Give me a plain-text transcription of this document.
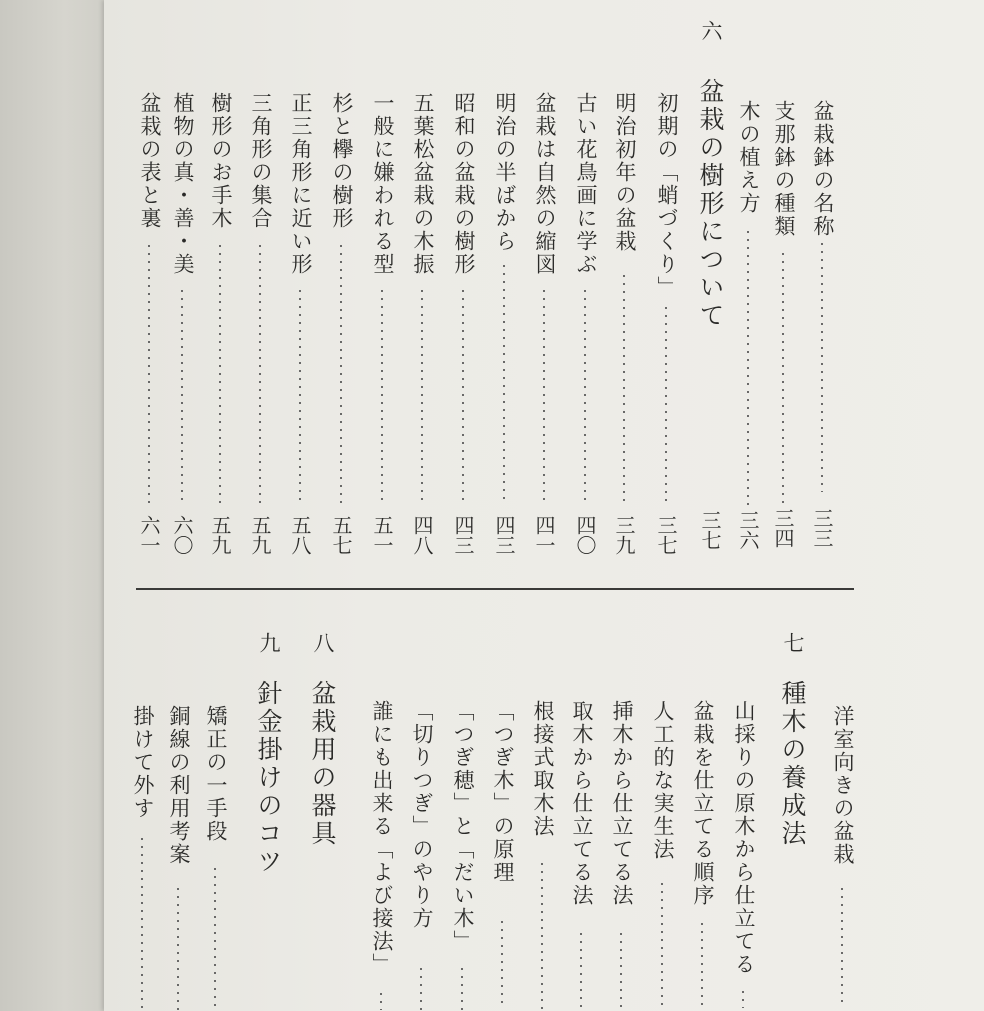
盆栽鉢の名称
三三
支那鉢の種類
三四
木の植え方
三六
六
盆栽の樹形について
三七
初期の「蛸づくり」
三七
明治初年の盆栽
三九
古い花鳥画に学ぶ
四〇
盆栽は自然の縮図
四一
明治の半ばから
四三
昭和の盆栽の樹形
四三
五葉松盆栽の木振
四八
一般に嫌われる型
五一
杉と欅の樹形
五七
正三角形に近い形
五八
三角形の集合
五九
樹形のお手木
五九
植物の真・善・美
六〇
盆栽の表と裏
六一
洋室向きの盆栽
七
種木の養成法
山採りの原木から仕立てる
盆栽を仕立てる順序
人工的な実生法
挿木から仕立てる法
取木から仕立てる法
根接式取木法
「つぎ木」の原理
「つぎ穂」と「だい木」
「切りつぎ」のやり方
誰にも出来る「よび接法」
八
盆栽用の器具
九
針金掛けのコツ
矯正の一手段
銅線の利用考案
掛けて外す
